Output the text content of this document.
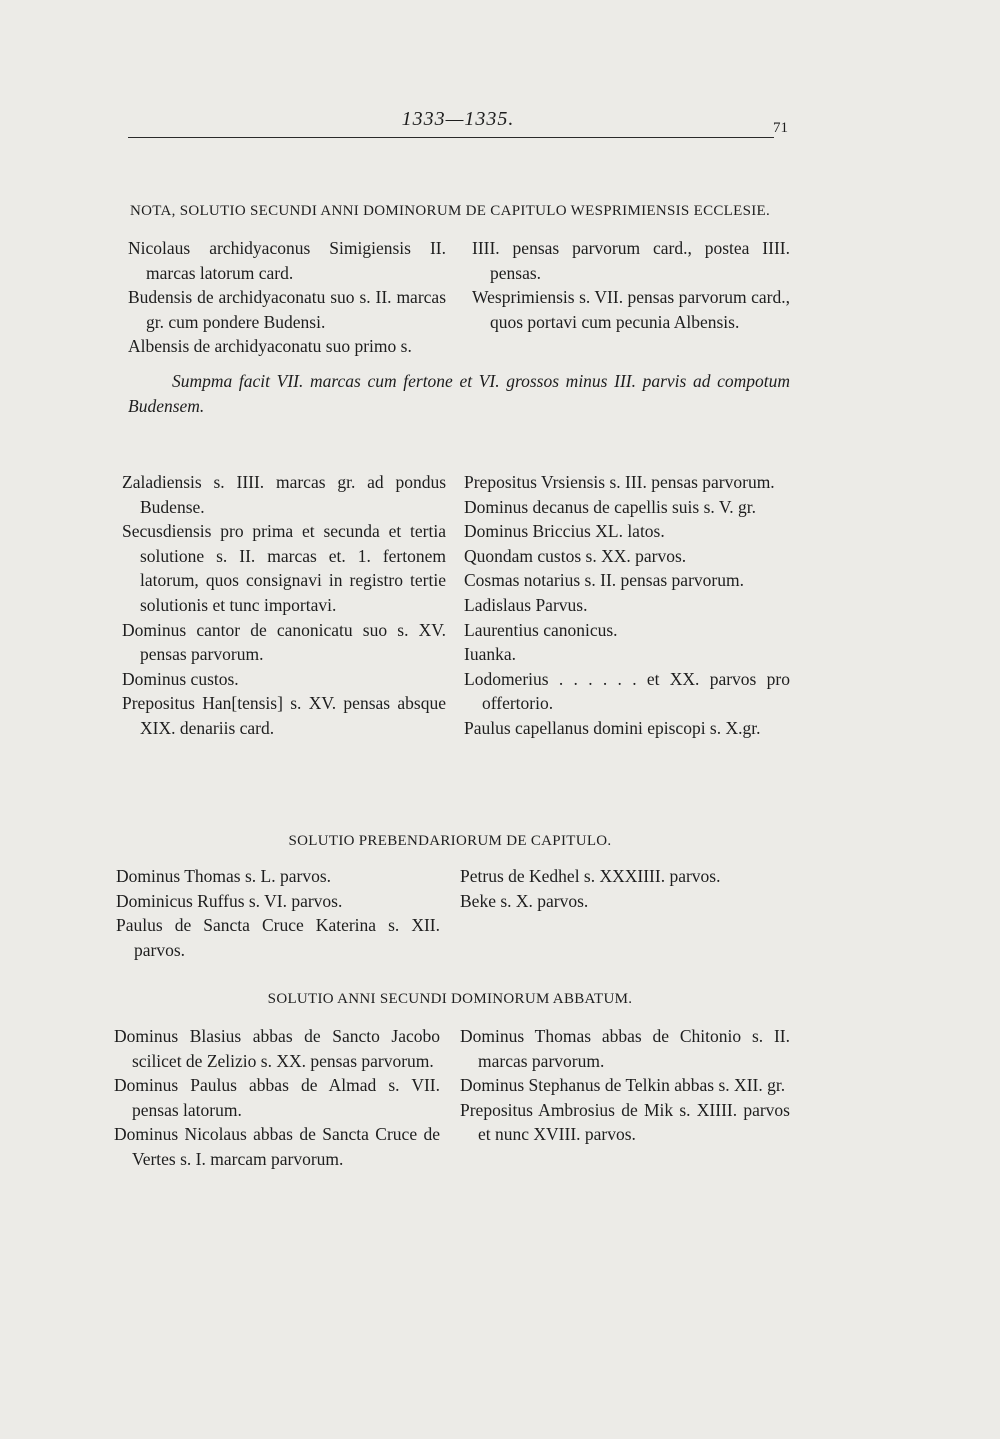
1333—1335.	71
NOTA, SOLUTIO SECUNDI ANNI DOMINORUM DE CAPITULO WESPRIMIENSIS ECCLESIE.

Nicolaus archidyaconus Simigiensis II. marcas latorum card.

Budensis de archidyaconatu suo s. II. marcas gr. cum pondere Budensi.

Albensis de archidyaconatu suo primo s.

IIII. pensas parvorum card., postea IIII. pensas.

Wesprimiensis s. VII. pensas parvorum card., quos portavi cum pecunia Albensis.

Sumpma facit VII. marcas cum fertone et VI. grossos minus III. parvis ad compotum Budensem.

Zaladiensis s. IIII. marcas gr. ad pondus Budense.

Secusdiensis pro prima et secunda et tertia solutione s. II. marcas et. 1. fertonem latorum, quos consignavi in registro tertie solutionis et tunc importavi.

Dominus cantor de canonicatu suo s. XV. pensas parvorum.

Dominus custos.

Prepositus Han[tensis] s. XV. pensas absque XIX. denariis card.

Prepositus Vrsiensis s. III. pensas parvorum.

Dominus decanus de capellis suis s. V. gr.

Dominus Briccius XL. latos.

Quondam custos s. XX. parvos.

Cosmas notarius s. II. pensas parvorum.

Ladislaus Parvus.

Laurentius canonicus.

Iuanka.

Lodomerius . . . . . . et XX. parvos pro offertorio.

Paulus capellanus domini episcopi s. X.gr.

SOLUTIO PREBENDARIORUM DE CAPITULO.

Dominus Thomas s. L. parvos.

Dominicus Ruffus s. VI. parvos.

Paulus de Sancta Cruce Katerina s. XII. parvos.

Petrus de Kedhel s. XXXIIII. parvos.

Beke s. X. parvos.

SOLUTIO ANNI SECUNDI DOMINORUM ABBATUM.

Dominus Blasius abbas de Sancto Jacobo scilicet de Zelizio s. XX. pensas parvorum.

Dominus Paulus abbas de Almad s. VII. pensas latorum.

Dominus Nicolaus abbas de Sancta Cruce de Vertes s. I. marcam parvorum.

Dominus Thomas abbas de Chitonio s. II. marcas parvorum.

Dominus Stephanus de Telkin abbas s. XII. gr.

Prepositus Ambrosius de Mik s. XIIII. parvos et nunc XVIII. parvos.
